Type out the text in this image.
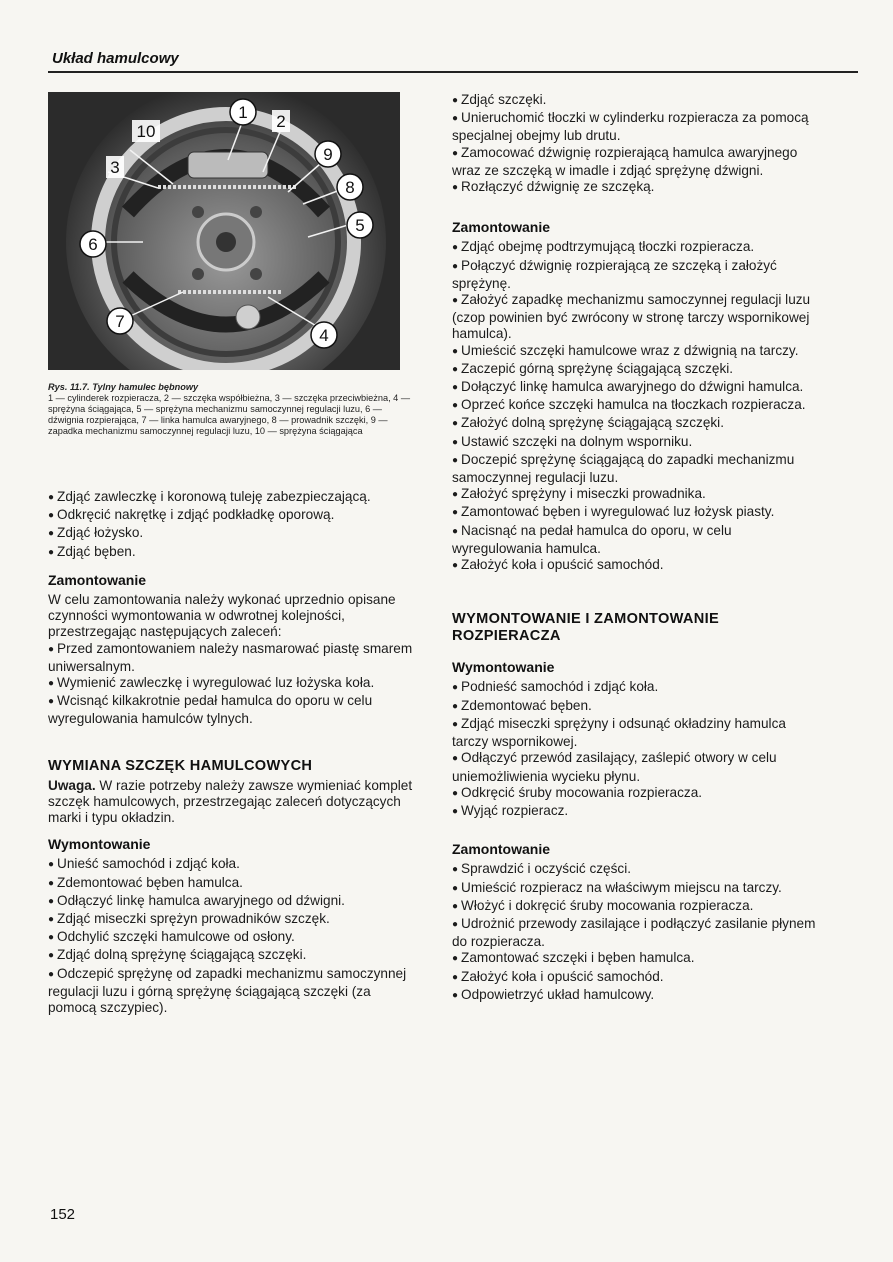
Układ hamulcowy
1 2
3
4
5
6
7
8
9
10
Rys. 11.7. Tylny hamulec bębnowy
1 — cylinderek rozpieracza, 2 — szczęka współbieżna, 3 — szczęka przeciwbieżna, 4 — sprężyna ściągająca, 5 — sprężyna mechanizmu samoczynnej regulacji luzu, 6 — dźwignia rozpierająca, 7 — linka hamulca awaryjnego, 8 — prowadnik szczęki, 9 — zapadka mechanizmu samoczynnej regulacji luzu, 10 — sprężyna ściągająca
● Zdjąć zawleczkę i koronową tuleję zabezpieczającą.
● Odkręcić nakrętkę i zdjąć podkładkę oporową.
● Zdjąć łożysko.
● Zdjąć bęben.
Zamontowanie

W celu zamontowania należy wykonać uprzednio opisane czynności wymontowania w odwrotnej kolejności, przestrzegając następujących zaleceń:

● Przed zamontowaniem należy nasmarować piastę smarem uniwersalnym.
● Wymienić zawleczkę i wyregulować luz łożyska koła.
● Wcisnąć kilkakrotnie pedał hamulca do oporu w celu wyregulowania hamulców tylnych.
WYMIANA SZCZĘK HAMULCOWYCH

Uwaga. W razie potrzeby należy zawsze wymieniać komplet szczęk hamulcowych, przestrzegając zaleceń dotyczących marki i typu okładzin.

Wymontowanie
● Unieść samochód i zdjąć koła.
● Zdemontować bęben hamulca.
● Odłączyć linkę hamulca awaryjnego od dźwigni.
● Zdjąć miseczki sprężyn prowadników szczęk.
● Odchylić szczęki hamulcowe od osłony.
● Zdjąć dolną sprężynę ściągającą szczęki.
● Odczepić sprężynę od zapadki mechanizmu samoczynnej regulacji luzu i górną sprężynę ściągającą szczęki (za pomocą szczypiec).
● Zdjąć szczęki.
● Unieruchomić tłoczki w cylinderku rozpieracza za pomocą specjalnej obejmy lub drutu.
● Zamocować dźwignię rozpierającą hamulca awaryjnego wraz ze szczęką w imadle i zdjąć sprężynę dźwigni.
● Rozłączyć dźwignię ze szczęką.
Zamontowanie
● Zdjąć obejmę podtrzymującą tłoczki rozpieracza.
● Połączyć dźwignię rozpierającą ze szczęką i założyć sprężynę.
● Założyć zapadkę mechanizmu samoczynnej regulacji luzu (czop powinien być zwrócony w stronę tarczy wspornikowej hamulca).
● Umieścić szczęki hamulcowe wraz z dźwignią na tarczy.
● Zaczepić górną sprężynę ściągającą szczęki.
● Dołączyć linkę hamulca awaryjnego do dźwigni hamulca.
● Oprzeć końce szczęki hamulca na tłoczkach rozpieracza.
● Założyć dolną sprężynę ściągającą szczęki.
● Ustawić szczęki na dolnym wsporniku.
● Doczepić sprężynę ściągającą do zapadki mechanizmu samoczynnej regulacji luzu.
● Założyć sprężyny i miseczki prowadnika.
● Zamontować bęben i wyregulować luz łożysk piasty.
● Nacisnąć na pedał hamulca do oporu, w celu wyregulowania hamulca.
● Założyć koła i opuścić samochód.
WYMONTOWANIE I ZAMONTOWANIE ROZPIERACZA
Wymontowanie
● Podnieść samochód i zdjąć koła.
● Zdemontować bęben.
● Zdjąć miseczki sprężyny i odsunąć okładziny hamulca tarczy wspornikowej.
● Odłączyć przewód zasilający, zaślepić otwory w celu uniemożliwienia wycieku płynu.
● Odkręcić śruby mocowania rozpieracza.
● Wyjąć rozpieracz.
Zamontowanie
● Sprawdzić i oczyścić części.
● Umieścić rozpieracz na właściwym miejscu na tarczy.
● Włożyć i dokręcić śruby mocowania rozpieracza.
● Udrożnić przewody zasilające i podłączyć zasilanie płynem do rozpieracza.
● Zamontować szczęki i bęben hamulca.
● Założyć koła i opuścić samochód.
● Odpowietrzyć układ hamulcowy.
152
